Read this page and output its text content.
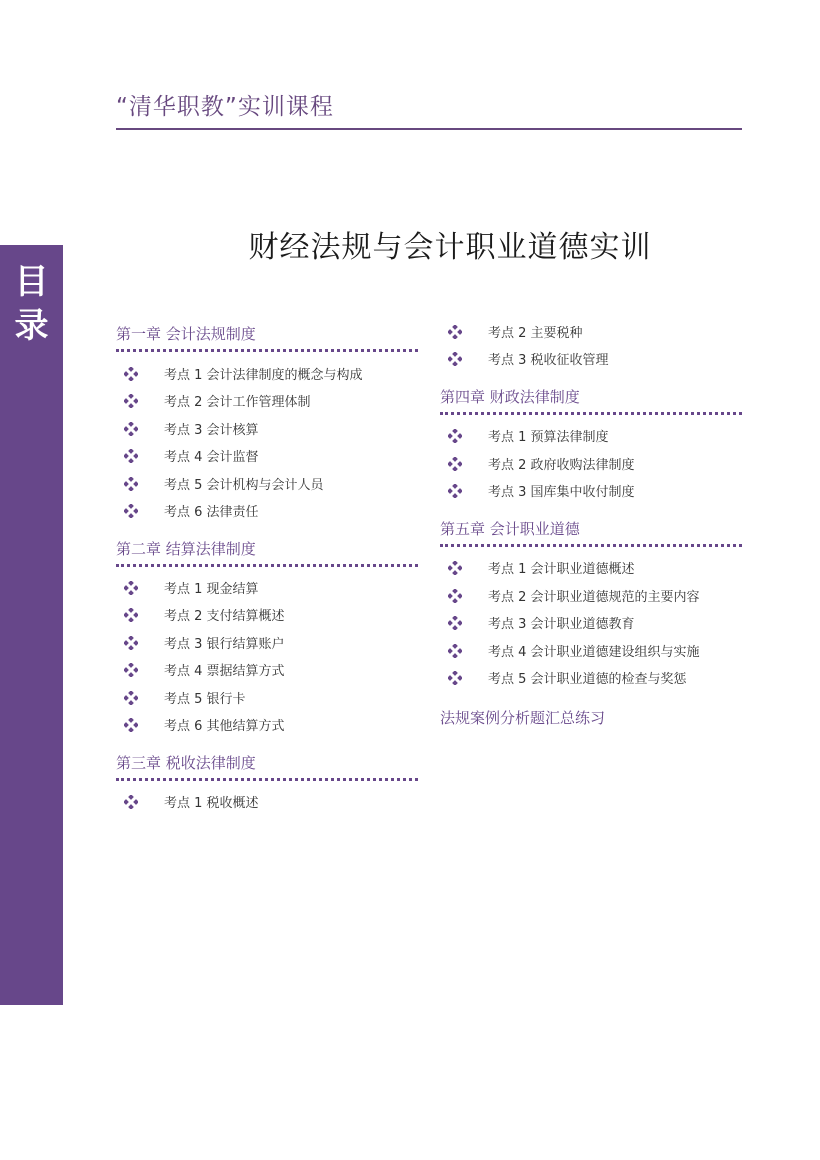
“清华职教”实训课程
目
录
财经法规与会计职业道德实训
第一章 会计法规制度
考点 1 会计法律制度的概念与构成
考点 2 会计工作管理体制
考点 3 会计核算
考点 4 会计监督
考点 5 会计机构与会计人员
考点 6 法律责任
第二章 结算法律制度
考点 1 现金结算
考点 2 支付结算概述
考点 3 银行结算账户
考点 4 票据结算方式
考点 5 银行卡
考点 6 其他结算方式
第三章 税收法律制度
考点 1 税收概述
考点 2 主要税种
考点 3 税收征收管理
第四章 财政法律制度
考点 1 预算法律制度
考点 2 政府收购法律制度
考点 3 国库集中收付制度
第五章 会计职业道德
考点 1 会计职业道德概述
考点 2 会计职业道德规范的主要内容
考点 3 会计职业道德教育
考点 4 会计职业道德建设组织与实施
考点 5 会计职业道德的检查与奖惩
法规案例分析题汇总练习
